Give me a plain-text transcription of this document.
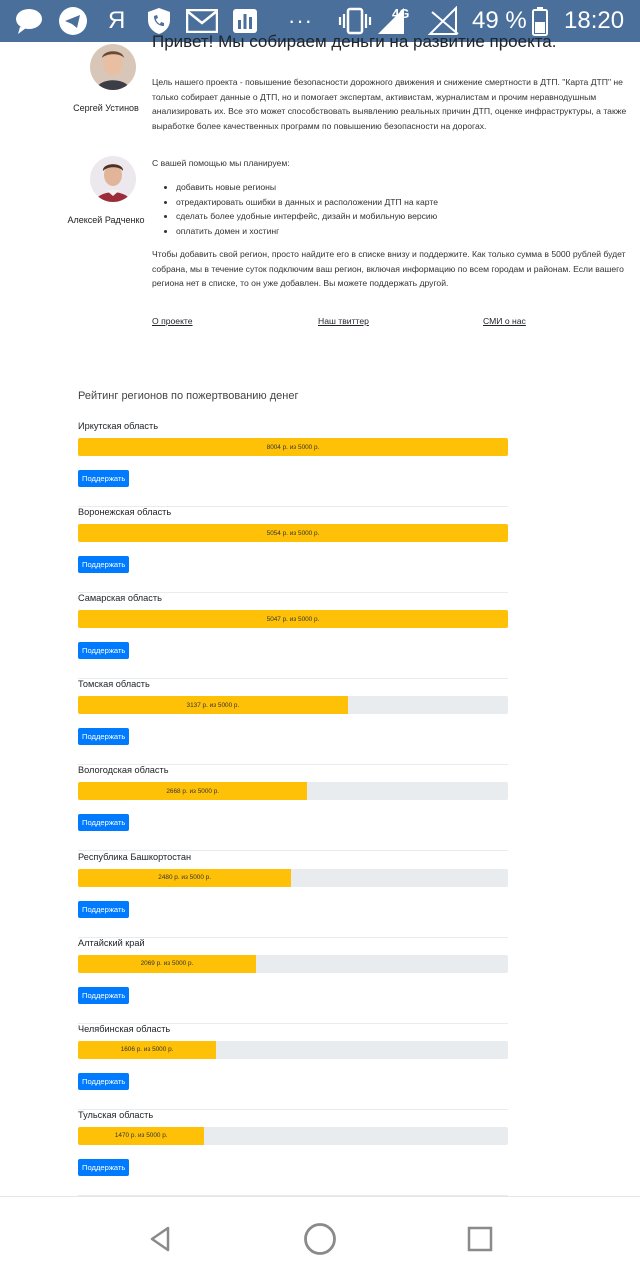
Я	···	4G	49 % 18:20
Привет! Мы собираем деньги на развитие проекта.
Сергей Устинов
Алексей Радченко

Цель нашего проекта - повышение безопасности дорожного движения и снижение смертности в ДТП. "Карта ДТП" не только собирает данные о ДТП, но и помогает экспертам, активистам, журналистам и прочим неравнодушным анализировать их. Все это может способствовать выявлению реальных причин ДТП, оценке инфраструктуры, а также выработке более качественных программ по повышению безопасности на дорогах.

С вашей помощью мы планируем:

• добавить новые регионы
• отредактировать ошибки в данных и расположении ДТП на карте
• сделать более удобные интерфейс, дизайн и мобильную версию
• оплатить домен и хостинг

Чтобы добавить свой регион, просто найдите его в списке внизу и поддержите. Как только сумма в 5000 рублей будет собрана, мы в течение суток подключим ваш регион, включая информацию по всем городам и районам. Если вашего региона нет в списке, то он уже добавлен. Вы можете поддержать другой.

О проекте	Наш твиттер	СМИ о нас
Рейтинг регионов по пожертвованию денег
Иркутская область
8004 р. из 5000 р.
Поддержать
Воронежская область
5054 р. из 5000 р.
Поддержать
Самарская область
5047 р. из 5000 р.
Поддержать
Томская область
3137 р. из 5000 р.
Поддержать
Вологодская область
2668 р. из 5000 р.
Поддержать
Республика Башкортостан
2480 р. из 5000 р.
Поддержать
Алтайский край
2069 р. из 5000 р.
Поддержать
Челябинская область
1606 р. из 5000 р.
Поддержать
Тульская область
1470 р. из 5000 р.
Поддержать
